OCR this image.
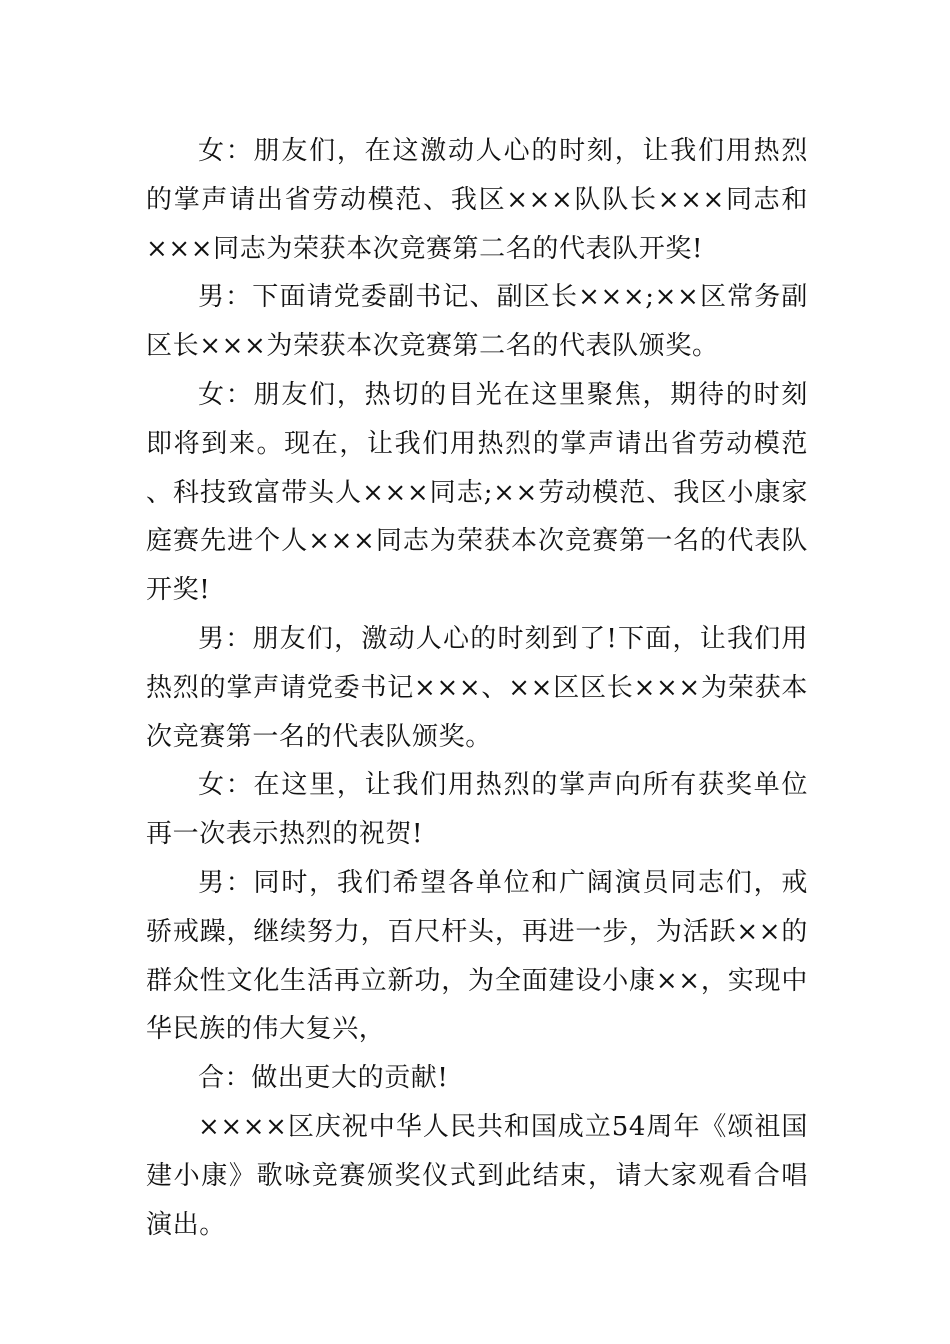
女：朋友们，在这激动人心的时刻，让我们用热烈的掌声请出省劳动模范、我区×××队队长×××同志和×××同志为荣获本次竞赛第二名的代表队开奖!

男：下面请党委副书记、副区长×××;××区常务副区长×××为荣获本次竞赛第二名的代表队颁奖。

女：朋友们，热切的目光在这里聚焦，期待的时刻即将到来。现在，让我们用热烈的掌声请出省劳动模范、科技致富带头人×××同志;××劳动模范、我区小康家庭赛先进个人×××同志为荣获本次竞赛第一名的代表队开奖!

男：朋友们，激动人心的时刻到了!下面，让我们用热烈的掌声请党委书记×××、××区区长×××为荣获本次竞赛第一名的代表队颁奖。

女：在这里，让我们用热烈的掌声向所有获奖单位再一次表示热烈的祝贺!

男：同时，我们希望各单位和广阔演员同志们，戒骄戒躁，继续努力，百尺杆头，再进一步，为活跃××的群众性文化生活再立新功，为全面建设小康××，实现中华民族的伟大复兴，

合：做出更大的贡献!

××××区庆祝中华人民共和国成立54周年《颂祖国建小康》歌咏竞赛颁奖仪式到此结束，请大家观看合唱演出。
